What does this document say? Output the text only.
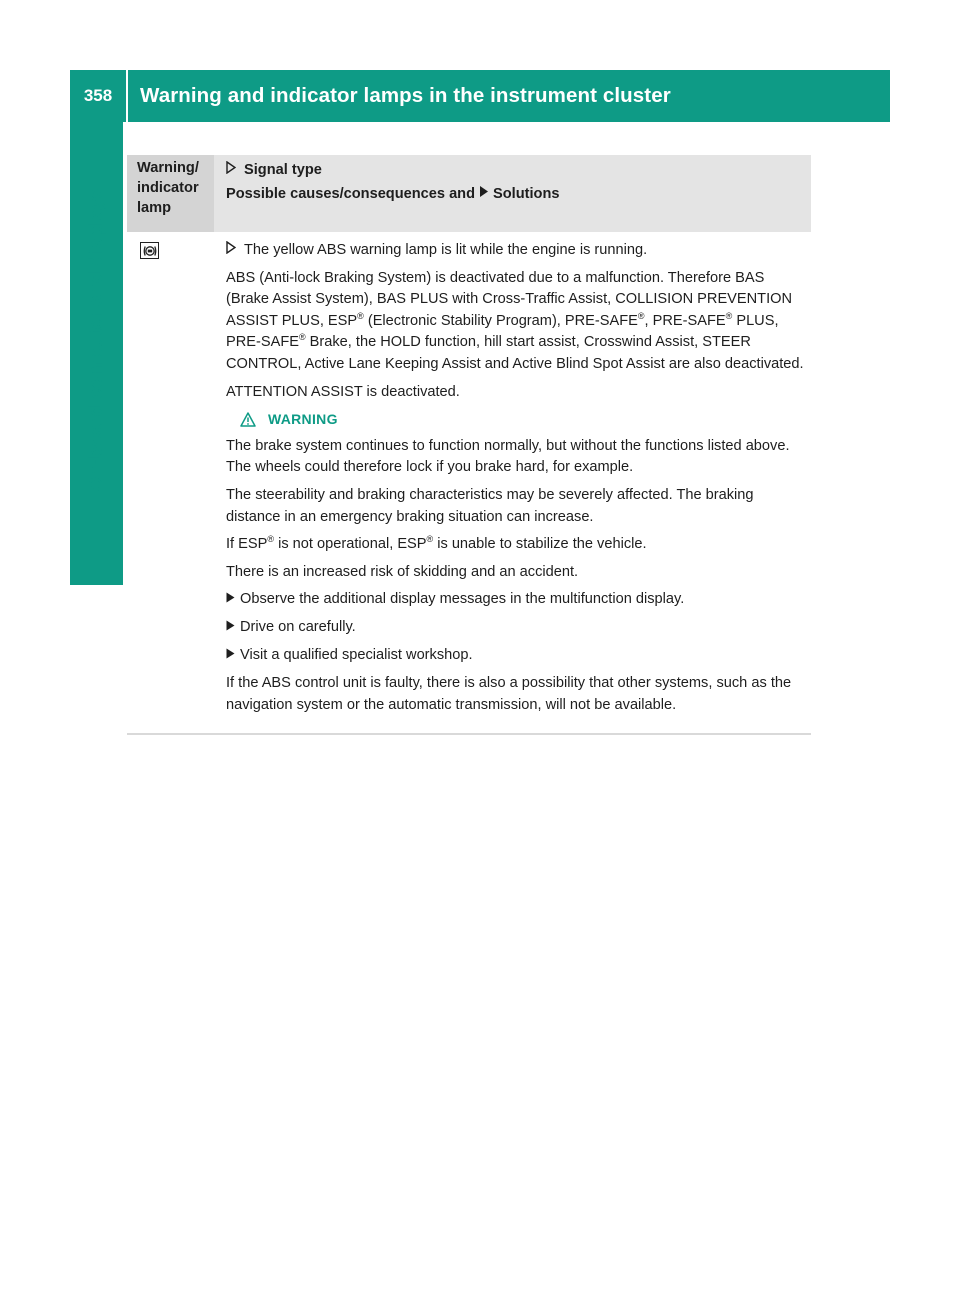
358	Warning and indicator lamps in the instrument cluster
On-board computer and displays
Warning/ indicator lamp
Signal type
Possible causes/consequences and Solutions

The yellow ABS warning lamp is lit while the engine is running.

ABS (Anti-lock Braking System) is deactivated due to a malfunction. Therefore BAS (Brake Assist System), BAS PLUS with Cross-Traffic Assist, COLLISION PREVENTION ASSIST PLUS, ESP® (Electronic Stability Program), PRE-SAFE®, PRE-SAFE® PLUS, PRE-SAFE® Brake, the HOLD function, hill start assist, Crosswind Assist, STEER CONTROL, Active Lane Keeping Assist and Active Blind Spot Assist are also deactivated.

ATTENTION ASSIST is deactivated.

WARNING

The brake system continues to function normally, but without the functions listed above. The wheels could therefore lock if you brake hard, for example.

The steerability and braking characteristics may be severely affected. The braking distance in an emergency braking situation can increase.

If ESP® is not operational, ESP® is unable to stabilize the vehicle.

There is an increased risk of skidding and an accident.

Observe the additional display messages in the multifunction display.

Drive on carefully.

Visit a qualified specialist workshop.

If the ABS control unit is faulty, there is also a possibility that other systems, such as the navigation system or the automatic transmission, will not be available.
